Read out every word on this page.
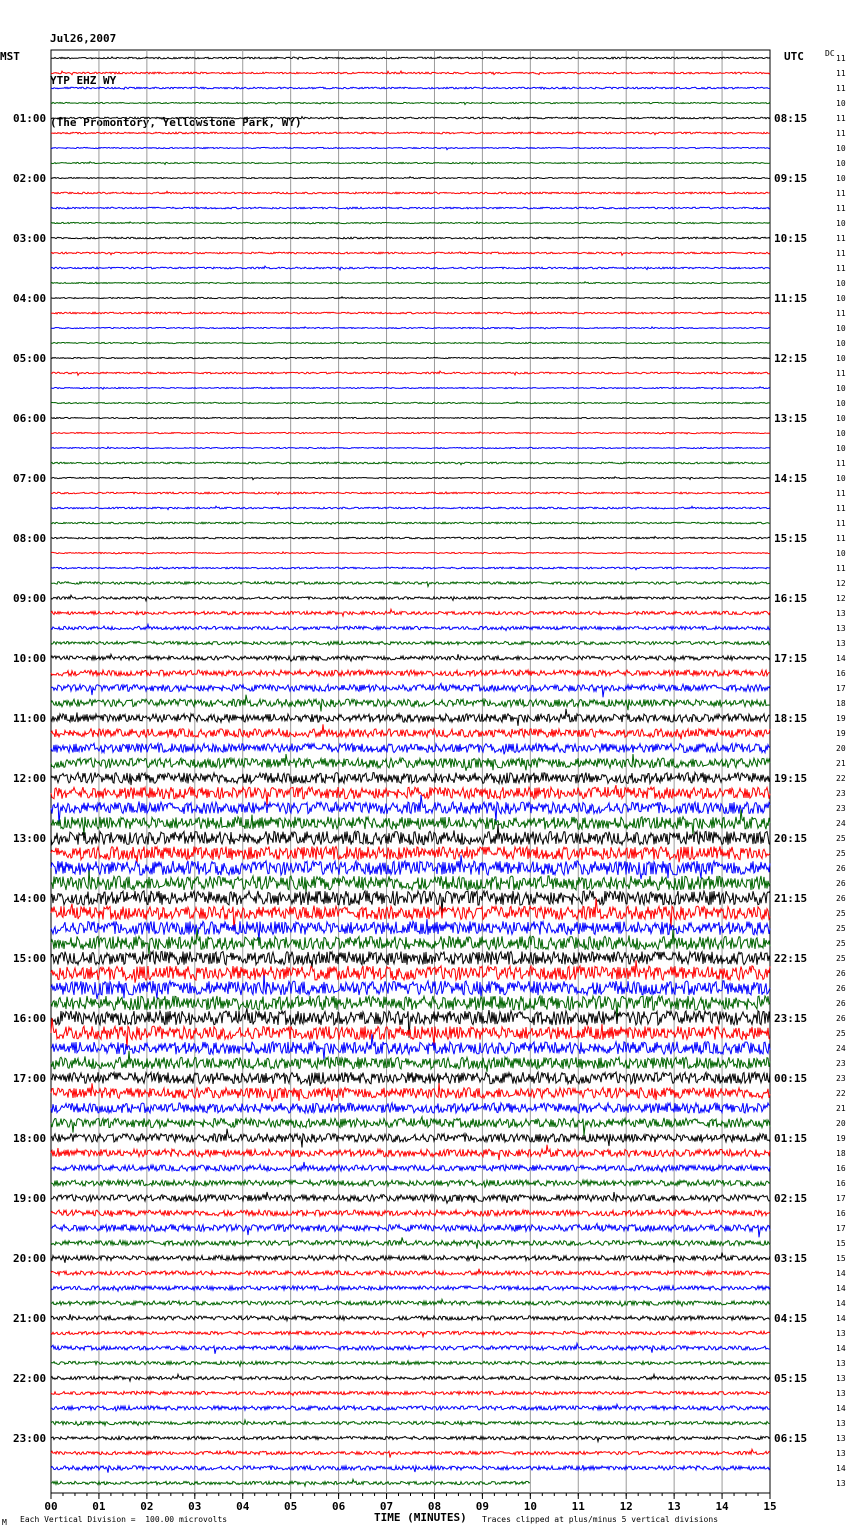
Jul26,2007

YTP EHZ WY

(The Promontory, Yellowstone Park, WY)

MST	UTC	DC
00	01	02	03	04	05	06	07	08	09	10	11	12	13	14	15
01:00	08:15
02:00	09:15
03:00	10:15
04:00	11:15
05:00	12:15
06:00	13:15
07:00	14:15
08:00	15:15
09:00	16:15
10:00	17:15
11:00	18:15
12:00	19:15
13:00	20:15
14:00	21:15
15:00	22:15
16:00	23:15
17:00	00:15
18:00	01:15
19:00	02:15
20:00	03:15
21:00	04:15
22:00	05:15
23:00	06:15
11
11
11
10
11
11
10
10
10
11
11
10
11
11
11
10
10
11
10
10
10
11
10
10
10
10
10
11
10
11
11
11
11
10
11
12
12
13
13
13
14
16
17
18
19
19
20
21
22
23
23
24
25
25
26
26
26
25
25
25
25
26
26
26
26
25
24
23
23
22
21
20
19
18
16
16
17
16
17
15
15
14
14
14
14
13
14
13
13
13
14
13
13
13
14
13
TIME (MINUTES)
M Each Vertical Division =  100.00 microvolts	Traces clipped at plus/minus 5 vertical divisions
